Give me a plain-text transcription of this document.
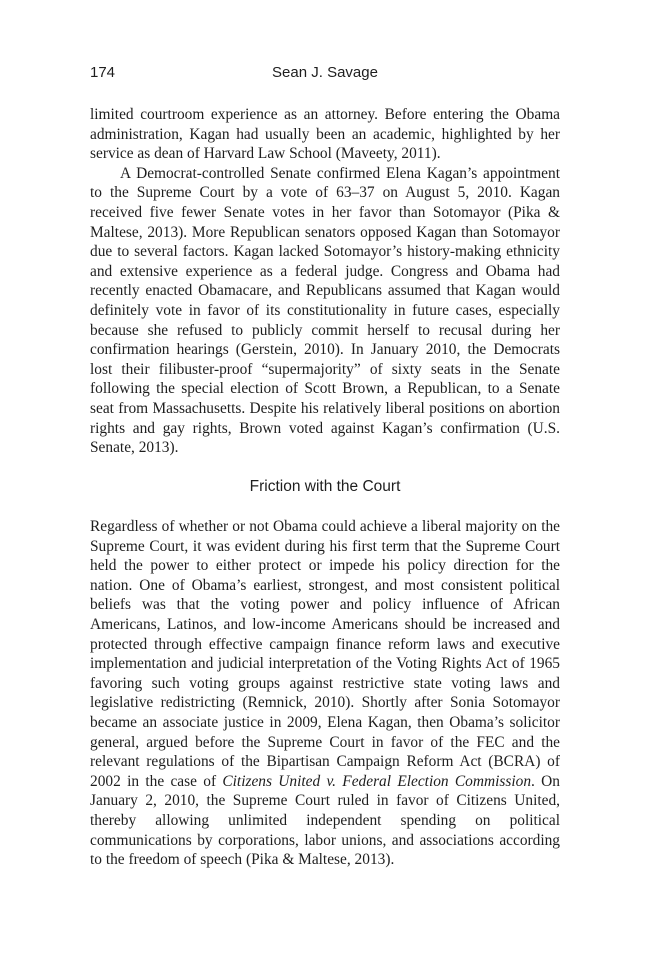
174	Sean J. Savage

limited courtroom experience as an attorney. Before entering the Obama administration, Kagan had usually been an academic, highlighted by her service as dean of Harvard Law School (Maveety, 2011).

A Democrat-controlled Senate confirmed Elena Kagan’s appointment to the Supreme Court by a vote of 63–37 on August 5, 2010. Kagan received five fewer Senate votes in her favor than Sotomayor (Pika & Maltese, 2013). More Republican senators opposed Kagan than Sotomayor due to several factors. Kagan lacked Sotomayor’s history-making ethnicity and extensive experience as a federal judge. Congress and Obama had recently enacted Obamacare, and Republicans assumed that Kagan would definitely vote in favor of its constitutionality in future cases, especially because she refused to publicly commit herself to recusal during her confirmation hearings (Gerstein, 2010). In January 2010, the Democrats lost their filibuster-proof “supermajority” of sixty seats in the Senate following the special election of Scott Brown, a Republican, to a Senate seat from Massachusetts. Despite his relatively liberal positions on abortion rights and gay rights, Brown voted against Kagan’s confirmation (U.S. Senate, 2013).

Friction with the Court

Regardless of whether or not Obama could achieve a liberal majority on the Supreme Court, it was evident during his first term that the Supreme Court held the power to either protect or impede his policy direction for the nation. One of Obama’s earliest, strongest, and most consistent political beliefs was that the voting power and policy influence of African Americans, Latinos, and low-income Americans should be increased and protected through effective campaign finance reform laws and executive implementation and judicial interpretation of the Voting Rights Act of 1965 favoring such voting groups against restrictive state voting laws and legislative redistricting (Remnick, 2010). Shortly after Sonia Sotomayor became an associate justice in 2009, Elena Kagan, then Obama’s solicitor general, argued before the Supreme Court in favor of the FEC and the relevant regulations of the Bipartisan Campaign Reform Act (BCRA) of 2002 in the case of Citizens United v. Federal Election Commission. On January 2, 2010, the Supreme Court ruled in favor of Citizens United, thereby allowing unlimited independent spending on political communications by corporations, labor unions, and associations according to the freedom of speech (Pika & Maltese, 2013).
